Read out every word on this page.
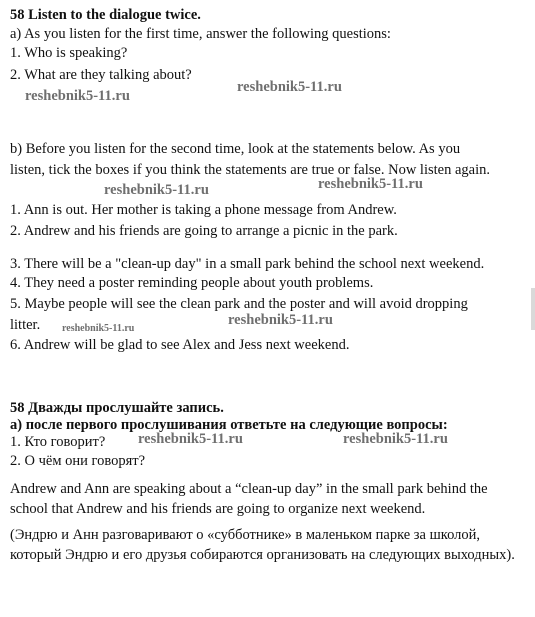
58 Listen to the dialogue twice.
a) As you listen for the first time, answer the following questions:
1. Who is speaking?
2. What are they talking about?
b) Before you listen for the second time, look at the statements below. As you
listen, tick the boxes if you think the statements are true or false. Now listen again.
1. Ann is out. Her mother is taking a phone message from Andrew.
2. Andrew and his friends are going to arrange a picnic in the park.
3. There will be a "clean-up day" in a small park behind the school next weekend.
4. They need a poster reminding people about youth problems.
5. Maybe people will see the clean park and the poster and will avoid dropping
litter.
6. Andrew will be glad to see Alex and Jess next weekend.
58 Дважды прослушайте запись.
а) после первого прослушивания ответьте на следующие вопросы:
1. Кто говорит?
2. О чём они говорят?
Andrew and Ann are speaking about a “clean-up day” in the small park behind the school that Andrew and his friends are going to organize next weekend.
(Эндрю и Анн разговаривают о «субботнике» в маленьком парке за школой, который Эндрю и его друзья собираются организовать на следующих выходных).
reshebnik5-11.ru
reshebnik5-11.ru
reshebnik5-11.ru	reshebnik5-11.ru
reshebnik5-11.ru
reshebnik5-11.ru
reshebnik5-11.ru	reshebnik5-11.ru
